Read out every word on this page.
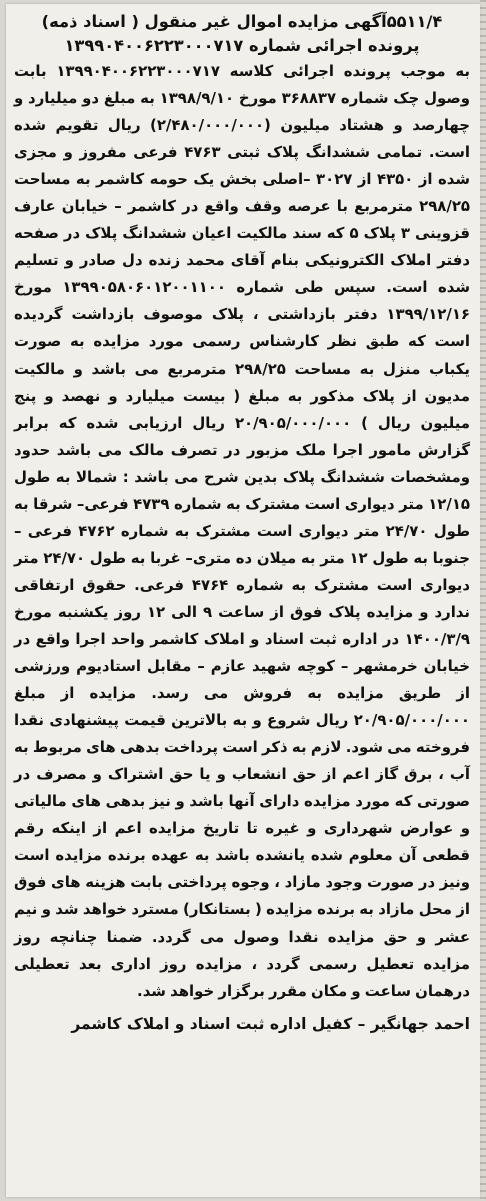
۵۵۱۱/۴آگهی مزایده اموال غیر منقول ( اسناد ذمه)

پرونده اجرائی شماره ۱۳۹۹۰۴۰۰۶۲۲۳۰۰۰۷۱۷

به موجب پرونده اجرائی کلاسه ۱۳۹۹۰۴۰۰۶۲۲۳۰۰۰۷۱۷ بابت وصول چک شماره ۳۶۸۸۳۷ مورخ ۱۳۹۸/۹/۱۰ به مبلغ دو میلیارد و چهارصد و هشتاد میلیون (۲/۴۸۰/۰۰۰/۰۰۰) ریال تقویم شده است. تمامی ششدانگ پلاک ثبتی ۴۷۶۳ فرعی مفروز و مجزی شده از ۴۳۵۰ از ۳۰۲۷ –اصلی بخش یک حومه کاشمر به مساحت ۲۹۸/۲۵ مترمربع با عرصه وقف واقع در کاشمر – خیابان عارف قزوینی ۳ پلاک ۵ که سند مالکیت اعیان ششدانگ پلاک در صفحه دفتر املاک الکترونیکی بنام آقای محمد زنده دل صادر و تسلیم شده است. سپس طی شماره ۱۳۹۹۰۵۸۰۶۰۱۲۰۰۱۱۰۰ مورخ ۱۳۹۹/۱۲/۱۶ دفتر بازداشتی ، پلاک موصوف بازداشت گردیده است که طبق نظر کارشناس رسمی مورد مزایده به صورت یکباب منزل به مساحت ۲۹۸/۲۵ مترمربع می باشد و مالکیت مدیون از پلاک مذکور به مبلغ ( بیست میلیارد و نهصد و پنج میلیون ریال ) ۲۰/۹۰۵/۰۰۰/۰۰۰ ریال ارزیابی شده که برابر گزارش مامور اجرا ملک مزبور در تصرف مالک می باشد حدود ومشخصات ششدانگ پلاک بدین شرح می باشد : شمالا به طول ۱۲/۱۵ متر دیواری است مشترک به شماره ۴۷۳۹ فرعی– شرقا به طول ۲۴/۷۰ متر دیواری است مشترک به شماره ۴۷۶۲ فرعی – جنوبا به طول ۱۲ متر به میلان ده متری– غربا به طول ۲۴/۷۰ متر دیواری است مشترک به شماره ۴۷۶۴ فرعی. حقوق ارتفاقی ندارد و مزایده پلاک فوق از ساعت ۹ الی ۱۲ روز یکشنبه مورخ ۱۴۰۰/۳/۹ در اداره ثبت اسناد و املاک کاشمر واحد اجرا واقع در خیابان خرمشهر – کوچه شهید عازم – مقابل استادیوم ورزشی از طریق مزایده به فروش می رسد. مزایده از مبلغ ۲۰/۹۰۵/۰۰۰/۰۰۰ ریال شروع و به بالاترین قیمت پیشنهادی نقدا فروخته می شود. لازم به ذکر است پرداخت بدهی های مربوط به آب ، برق گاز اعم از حق انشعاب و یا حق اشتراک و مصرف در صورتی که مورد مزایده دارای آنها باشد و نیز بدهی های مالیاتی و عوارض شهرداری و غیره تا تاریخ مزایده اعم از اینکه رقم قطعی آن معلوم شده یانشده باشد به عهده برنده مزایده است ونیز در صورت وجود مازاد ، وجوه پرداختی بابت هزینه های فوق از محل مازاد به برنده مزایده ( بستانکار) مسترد خواهد شد و نیم عشر و حق مزایده نقدا وصول می گردد. ضمنا چنانچه روز مزایده تعطیل رسمی گردد ، مزایده روز اداری بعد تعطیلی درهمان ساعت و مکان مقرر برگزار خواهد شد.

احمد جهانگیر – کفیل اداره ثبت اسناد و املاک کاشمر
